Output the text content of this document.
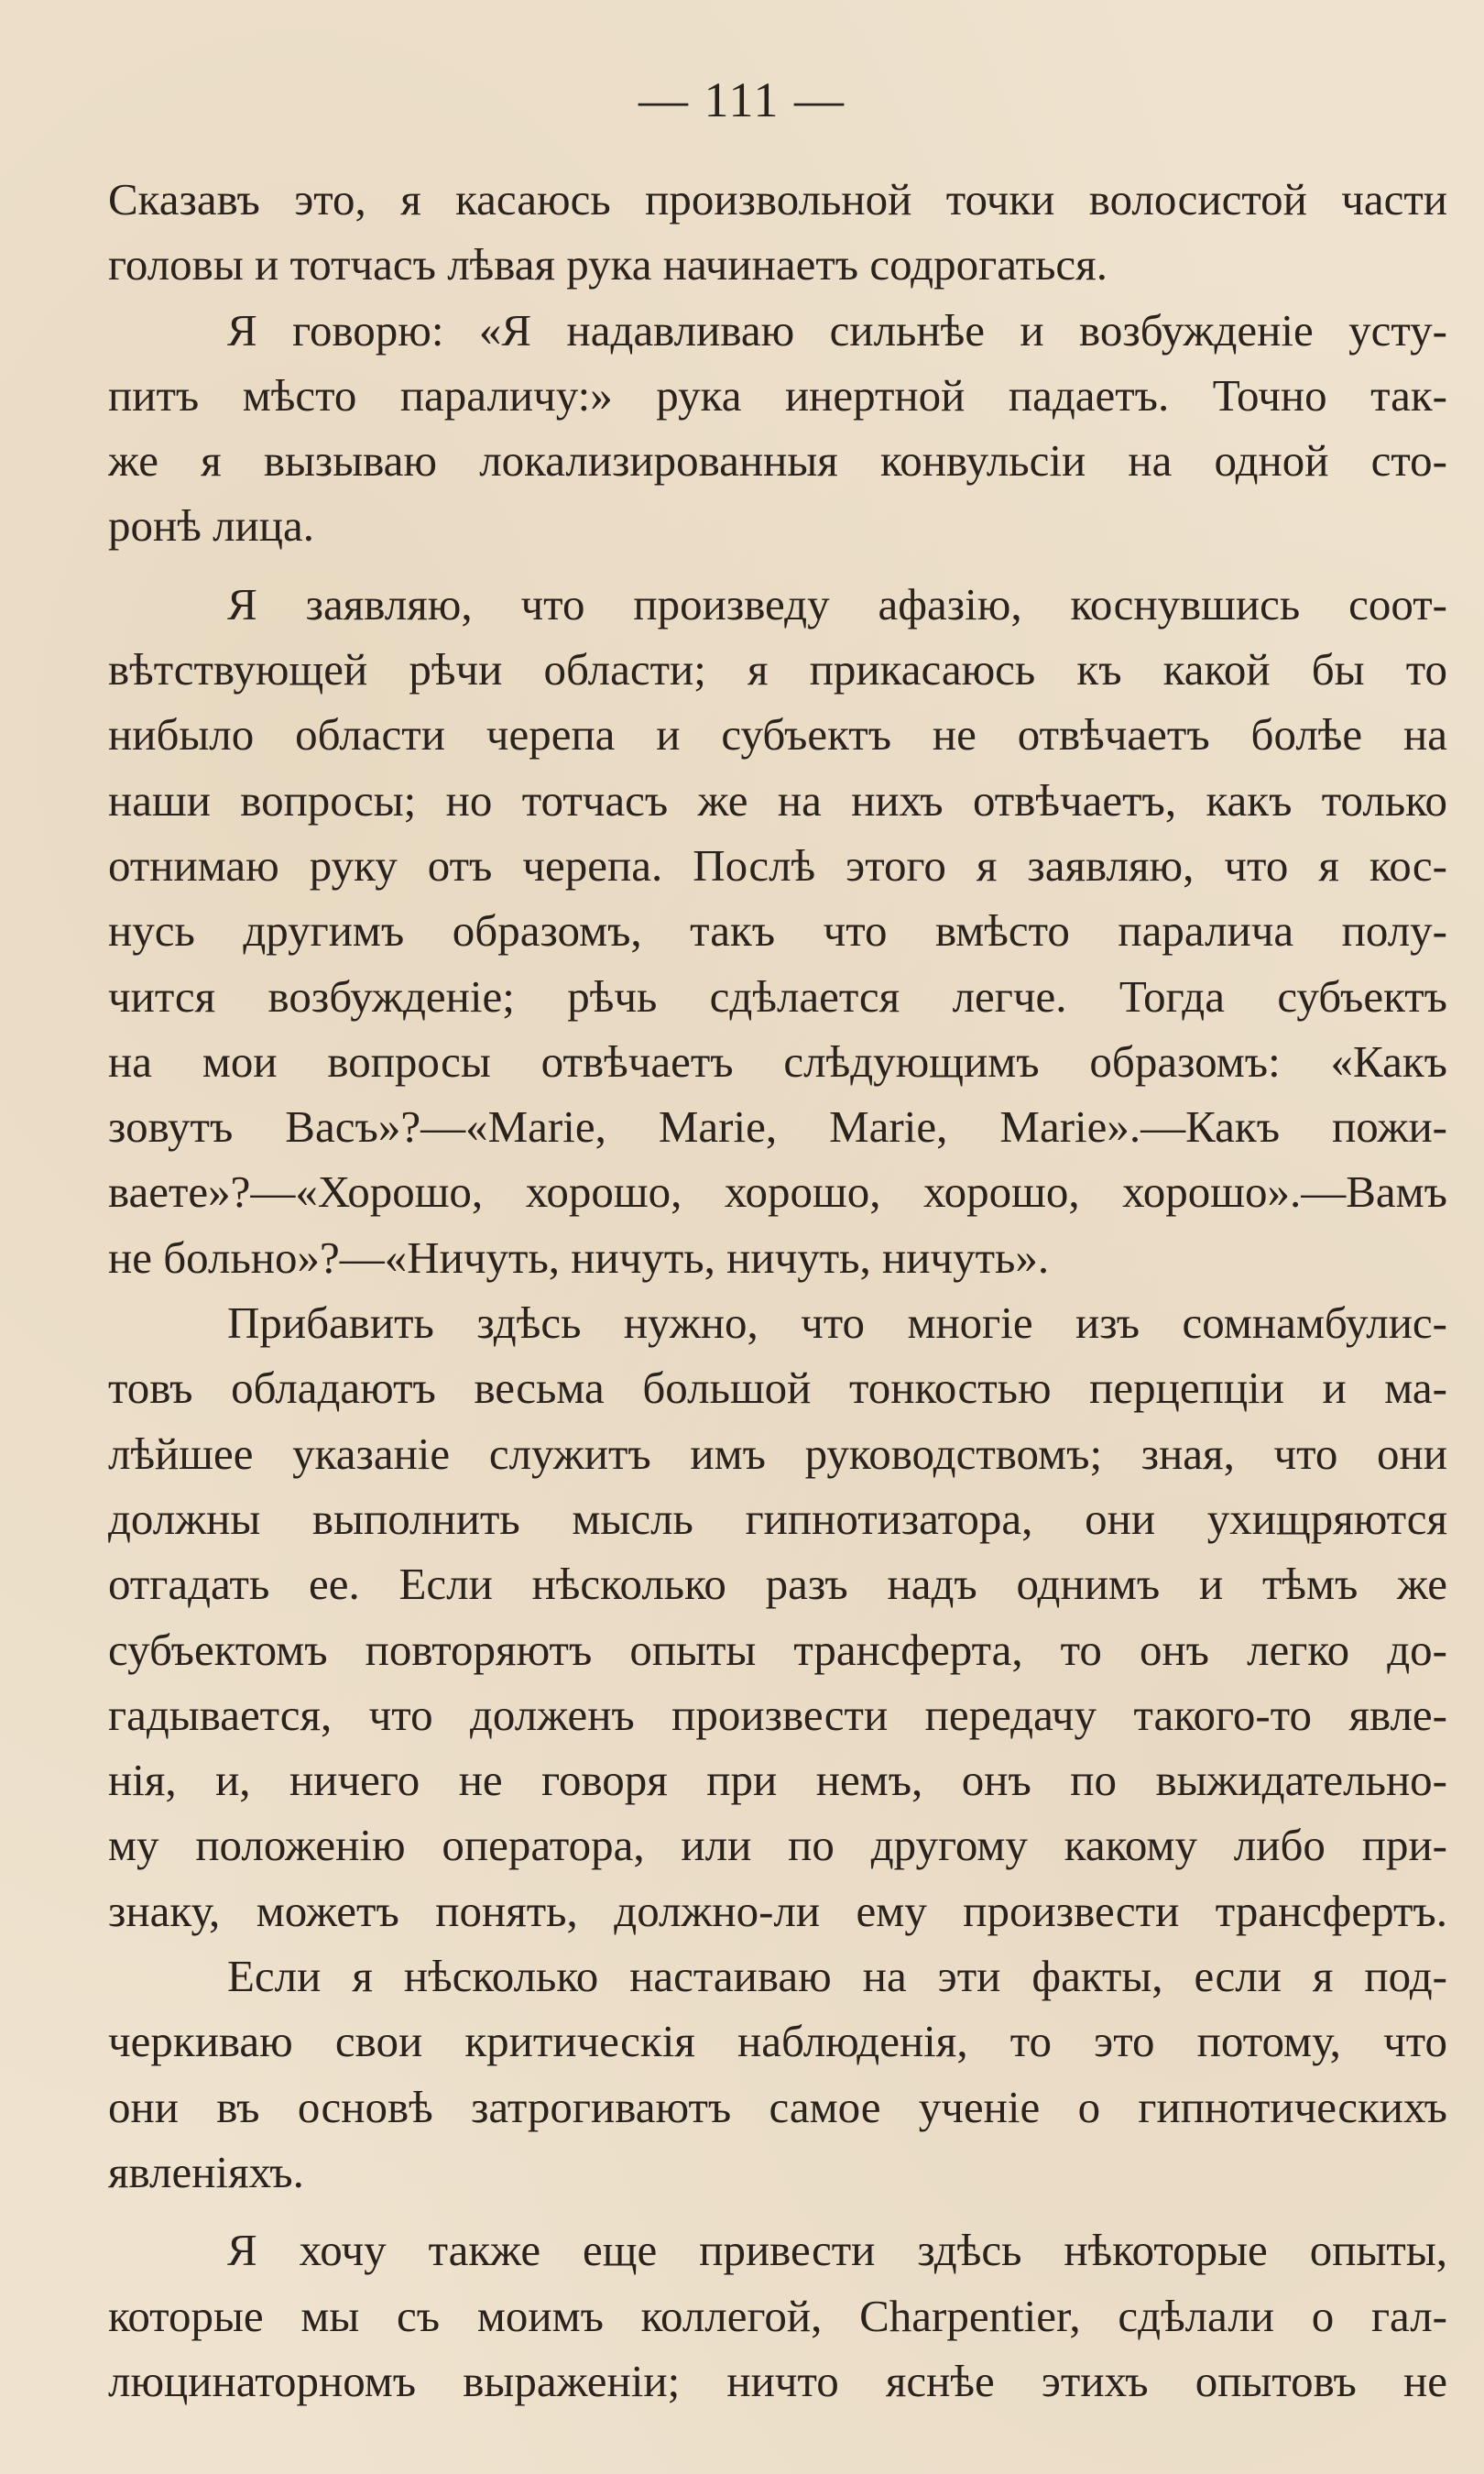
— 111 —
Сказавъ это, я касаюсь произвольной точки волосистой части
головы и тотчасъ лѣвая рука начинаетъ содрогаться.
Я говорю: «Я надавливаю сильнѣе и возбужденіе усту-
питъ мѣсто параличу:» рука инертной падаетъ. Точно так-
же я вызываю локализированныя конвульсіи на одной сто-
ронѣ лица.
Я заявляю, что произведу афазію, коснувшись соот-
вѣтствующей рѣчи области; я прикасаюсь къ какой бы то
нибыло области черепа и субъектъ не отвѣчаетъ болѣе на
наши вопросы; но тотчасъ же на нихъ отвѣчаетъ, какъ только
отнимаю руку отъ черепа. Послѣ этого я заявляю, что я кос-
нусь другимъ образомъ, такъ что вмѣсто паралича полу-
чится возбужденіе; рѣчь сдѣлается легче. Тогда субъектъ
на мои вопросы отвѣчаетъ слѣдующимъ образомъ: «Какъ
зовутъ Васъ»?—«Marie, Marie, Marie, Marie».—Какъ пожи-
ваете»?—«Хорошо, хорошо, хорошо, хорошо, хорошо».—Вамъ
не больно»?—«Ничуть, ничуть, ничуть, ничуть».
Прибавить здѣсь нужно, что многіе изъ сомнамбулис-
товъ обладаютъ весьма большой тонкостью перцепціи и ма-
лѣйшее указаніе служитъ имъ руководствомъ; зная, что они
должны выполнить мысль гипнотизатора, они ухищряются
отгадать ее. Если нѣсколько разъ надъ однимъ и тѣмъ же
субъектомъ повторяютъ опыты трансферта, то онъ легко до-
гадывается, что долженъ произвести передачу такого-то явле-
нія, и, ничего не говоря при немъ, онъ по выжидательно-
му положенію оператора, или по другому какому либо при-
знаку, можетъ понять, должно-ли ему произвести трансфертъ.
Если я нѣсколько настаиваю на эти факты, если я под-
черкиваю свои критическія наблюденія, то это потому, что
они въ основѣ затрогиваютъ самое ученіе о гипнотическихъ
явленіяхъ.
Я хочу также еще привести здѣсь нѣкоторые опыты,
которые мы съ моимъ коллегой, Charpentier, сдѣлали о гал-
люцинаторномъ выраженіи; ничто яснѣе этихъ опытовъ не
